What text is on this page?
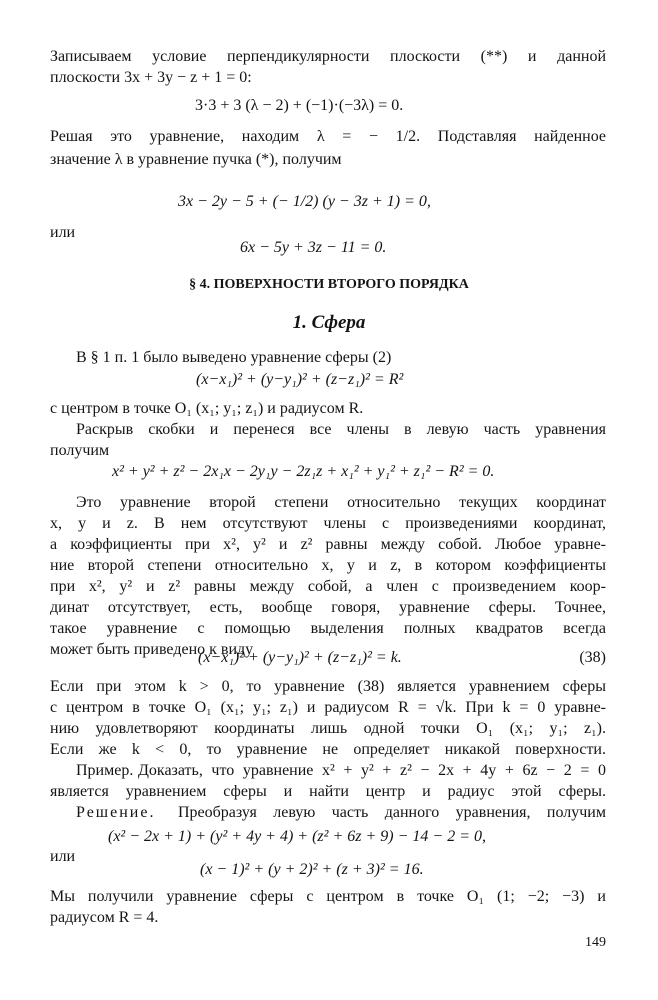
Записываем условие перпендикулярности плоскости (**) и данной
плоскости 3x + 3y − z + 1 = 0:
3·3 + 3 (λ − 2) + (−1)·(−3λ) = 0.
Решая это уравнение, находим λ = − 1/2. Подставляя найденное
значение λ в уравнение пучка (*), получим
3x − 2y − 5 + (− 1/2) (y − 3z + 1) = 0,
или
6x − 5y + 3z − 11 = 0.
§ 4. ПОВЕРХНОСТИ ВТОРОГО ПОРЯДКА
1. Сфера
В § 1 п. 1 было выведено уравнение сферы (2)
(x−x₁)² + (y−y₁)² + (z−z₁)² = R²
с центром в точке O₁ (x₁; y₁; z₁) и радиусом R.
Раскрыв скобки и перенеся все члены в левую часть уравнения
получим
x² + y² + z² − 2x₁x − 2y₁y − 2z₁z + x₁² + y₁² + z₁² − R² = 0.
Это уравнение второй степени относительно текущих координат
x, y и z. В нем отсутствуют члены с произведениями координат,
а коэффициенты при x², y² и z² равны между собой. Любое уравне-
ние второй степени относительно x, y и z, в котором коэффициенты
при x², y² и z² равны между собой, а член с произведением коор-
динат отсутствует, есть, вообще говоря, уравнение сферы. Точнее,
такое уравнение с помощью выделения полных квадратов всегда
может быть приведено к виду
(x−x₁)² + (y−y₁)² + (z−z₁)² = k.	(38)
Если при этом k > 0, то уравнение (38) является уравнением сферы
с центром в точке O₁ (x₁; y₁; z₁) и радиусом R = √k. При k = 0 уравне-
нию удовлетворяют координаты лишь одной точки O₁ (x₁; y₁; z₁).
Если же k < 0, то уравнение не определяет никакой поверхности.
Пример. Доказать, что уравнение x² + y² + z² − 2x + 4y + 6z − 2 = 0
является уравнением сферы и найти центр и радиус этой сферы.
Решение.	Преобразуя левую часть данного уравнения, получим
(x² − 2x + 1) + (y² + 4y + 4) + (z² + 6z + 9) − 14 − 2 = 0,
или
(x − 1)² + (y + 2)² + (z + 3)² = 16.
Мы получили уравнение сферы с центром в точке O₁ (1; −2; −3) и
радиусом R = 4.
149
